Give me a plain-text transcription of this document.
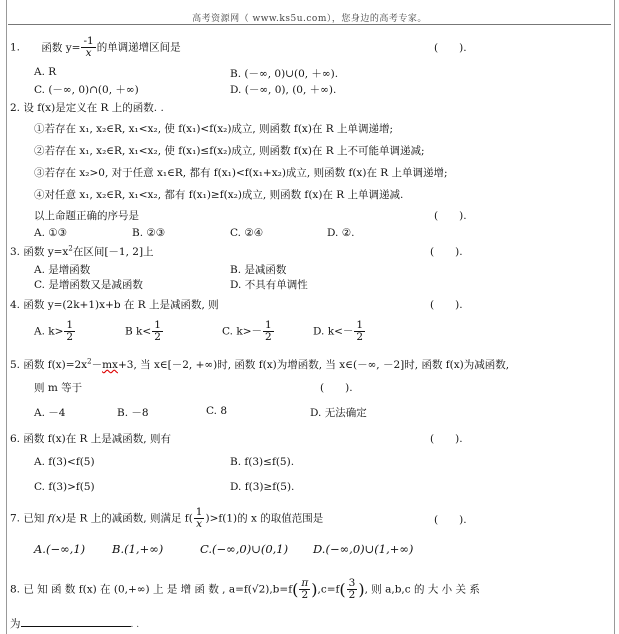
高考资源网（ www.ks5u.com），您身边的高考专家。
1. 函数 $y= \frac{-1}{x}$ 的单调递增区间是	(　　).
A. R	B. (－∞, 0)∪(0, ＋∞).
C. (－∞, 0)∩(0, ＋∞)	D. (－∞, 0), (0, ＋∞).
2. 设 f(x)是定义在 R 上的函数. .
①若存在 x₁, x₂∈R, x₁<x₂, 使 f(x₁)<f(x₂)成立, 则函数 f(x)在 R 上单调递增;
②若存在 x₁, x₂∈R, x₁<x₂, 使 f(x₁)≤f(x₂)成立, 则函数 f(x)在 R 上不可能单调递减;
③若存在 x₂>0, 对于任意 x₁∈R, 都有 f(x₁)<f(x₁+x₂)成立, 则函数 f(x)在 R 上单调递增;
④对任意 x₁, x₂∈R, x₁<x₂, 都有 f(x₁)≥f(x₂)成立, 则函数 f(x)在 R 上单调递减.
以上命题正确的序号是	(　　).
A. ①③	B. ②③	C. ②④	D. ②.
3. 函数 $y=x^2$在区间[－1, 2]上	(　　).
A. 是增函数	B. 是减函数
C. 是增函数又是减函数	D. 不具有单调性
4. 函数 y=(2k+1)x+b 在 R 上是减函数, 则	(　　).
A. $k> \frac{1}{2}$	B $k< \frac{1}{2}$	C. $k>- \frac{1}{2}$	D. $k<- \frac{1}{2}$
5. 函数 $f(x)=2x^2-mx+3$, 当 x∈[－2, +∞)时, 函数 f(x)为增函数, 当 x∈(－∞, －2]时, 函数 f(x)为减函数,
则 m 等于	(　　).
A. －4	B. －8	C. 8	D. 无法确定
6. 函数 f(x)在 R 上是减函数, 则有	(　　).
A. f(3)<f(5)	B. f(3)≤f(5).
C. f(3)>f(5)	D. f(3)≥f(5).
7. 已知 f(x)是 R 上的减函数, 则满足 $f( \frac{1}{x} )>f(1)$的 x 的取值范围是	(　　).
A.(−∞,1) B.(1,+∞)	C.(−∞,0)∪(0,1) D.(−∞,0)∪(1,+∞)
8. 已 知 函 数 f(x) 在 (0,+∞) 上 是 增 函 数 , $a=f(√2),b=f( \frac{\pi}{2} ),c=f( \frac{3}{2}$ ), 则 a,b,c 的 大 小 关 系
为	. .
